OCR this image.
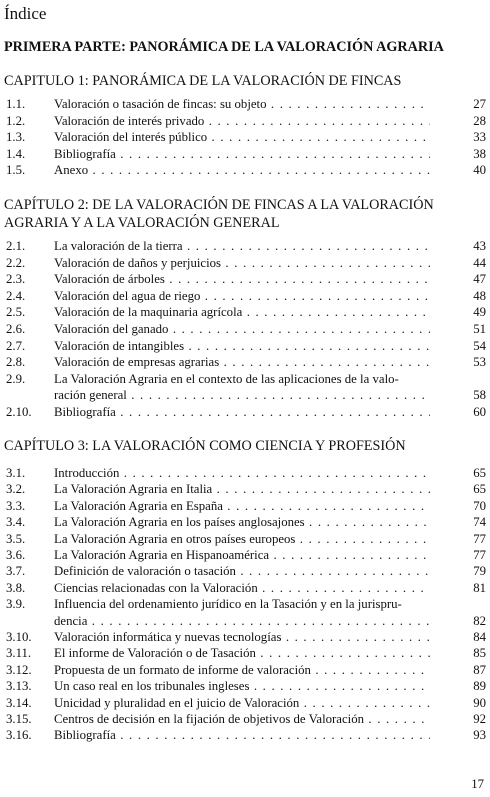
Índice
PRIMERA PARTE: PANORÁMICA DE LA VALORACIÓN AGRARIA
CAPITULO 1: PANORÁMICA DE LA VALORACIÓN DE FINCAS
1.1. Valoración o tasación de fincas: su objeto . . .	27
1.2. Valoración de interés privado . . .	28
1.3. Valoración del interés público . . .	33
1.4. Bibliografía . . .	38
1.5. Anexo . . .	40
CAPÍTULO 2: DE LA VALORACIÓN DE FINCAS A LA VALORACIÓN
AGRARIA Y A LA VALORACIÓN GENERAL
2.1. La valoración de la tierra . . .	43
2.2. Valoración de daños y perjuicios . . .	44
2.3. Valoración de árboles . . .	47
2.4. Valoración del agua de riego . . .	48
2.5. Valoración de la maquinaria agrícola . . .	49
2.6. Valoración del ganado . . .	51
2.7. Valoración de intangibles . . .	54
2.8. Valoración de empresas agrarias . . .	53
2.9. La Valoración Agraria en el contexto de las aplicaciones de la valo-
ración general . . .	58
2.10. Bibliografía . . .	60
CAPÍTULO 3: LA VALORACIÓN COMO CIENCIA Y PROFESIÓN
3.1. Introducción . . .	65
3.2. La Valoración Agraria en Italia . . .	65
3.3. La Valoración Agraria en España . . .	70
3.4. La Valoración Agraria en los países anglosajones . . .	74
3.5. La Valoración Agraria en otros países europeos . . .	77
3.6. La Valoración Agraria en Hispanoamérica . . .	77
3.7. Definición de valoración o tasación . . .	79
3.8. Ciencias relacionadas con la Valoración . . .	81
3.9. Influencia del ordenamiento jurídico en la Tasación y en la jurispru-
dencia . . .	82
3.10. Valoración informática y nuevas tecnologías . . .	84
3.11. El informe de Valoración o de Tasación . . .	85
3.12. Propuesta de un formato de informe de valoración . . .	87
3.13. Un caso real en los tribunales ingleses . . .	89
3.14. Unicidad y pluralidad en el juicio de Valoración . . .	90
3.15. Centros de decisión en la fijación de objetivos de Valoración . . .	92
3.16. Bibliografía . . .	93
17
